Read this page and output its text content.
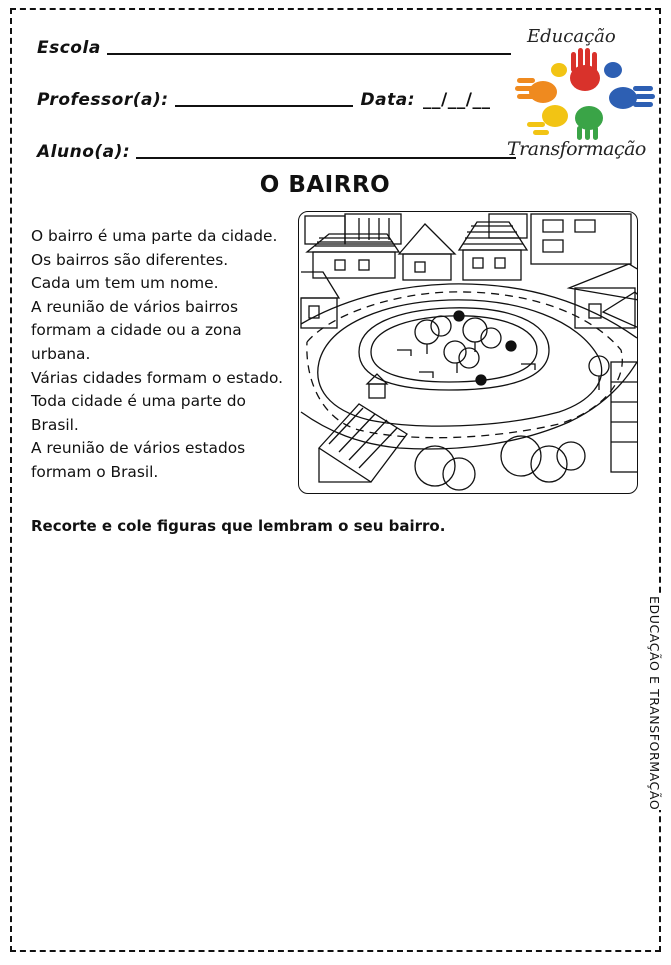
Escola
Professor(a):	Data: __/__/__
Aluno(a):
Educação
e
Transformação
O BAIRRO
O bairro é uma parte da cidade.
Os bairros são diferentes.
Cada um tem um nome.
A reunião de vários bairros
formam a cidade ou a zona
urbana.
Várias cidades formam o estado.
Toda cidade é uma parte do
Brasil.
A reunião de vários estados
formam o Brasil.
Recorte e cole figuras que lembram o seu bairro.
EDUCAÇÃO E TRANSFORMAÇÃO
